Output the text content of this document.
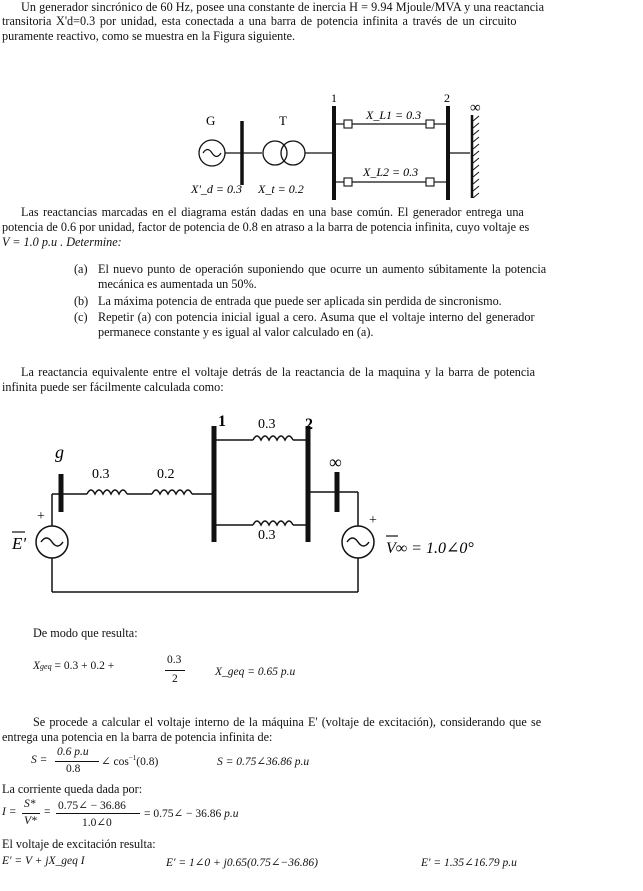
Un generador sincrónico de 60 Hz, posee una constante de inercia H = 9.94 Mjoule/MVA y una reactancia
transitoria X'd=0.3 por unidad, esta conectada a una barra de potencia infinita a través de un circuito
puramente reactivo, como se muestra en la Figura siguiente.
G	T
1	2
∞
X_L1 = 0.3
X_L2 = 0.3
X'_d = 0.3 X_t = 0.2
Las reactancias marcadas en el diagrama están dadas en una base común. El generador entrega una
potencia de 0.6 por unidad, factor de potencia de 0.8 en atraso a la barra de potencia infinita, cuyo voltaje es
V = 1.0 p.u . Determine:
(a) El nuevo punto de operación suponiendo que ocurre un aumento súbitamente la potencia
mecánica es aumentada un 50%.
(b) La máxima potencia de entrada que puede ser aplicada sin perdida de sincronismo.
(c) Repetir (a) con potencia inicial igual a cero. Asuma que el voltaje interno del generador
permanece constante y es igual al valor calculado en (a).
La reactancia equivalente entre el voltaje detrás de la reactancia de la maquina y la barra de potencia
infinita puede ser fácilmente calculada como:
g
0.3	0.2
1	2
∞
0.3
0.3
+	+
E'	V∞ = 1.0∠0°
De modo que resulta:
Xgeq = 0.3 + 0.2 +	0.3
2
X_geq = 0.65 p.u
Se procede a calcular el voltaje interno de la máquina E' (voltaje de excitación), considerando que se
entrega una potencia en la barra de potencia infinita de:
S =
0.6 p.u
0.8
∠ $\cos^{-1}(0.8)$	S = 0.75∠36.86 p.u
La corriente queda dada por:
I =
S*
V*
= 0.75∠ − 36.86
1.0∠0
= 0.75∠ − 36.86 p.u
El voltaje de excitación resulta:
E' = V + jX_geq I	E' = 1∠0 + j0.65(0.75∠−36.86)	E' = 1.35∠16.79 p.u
